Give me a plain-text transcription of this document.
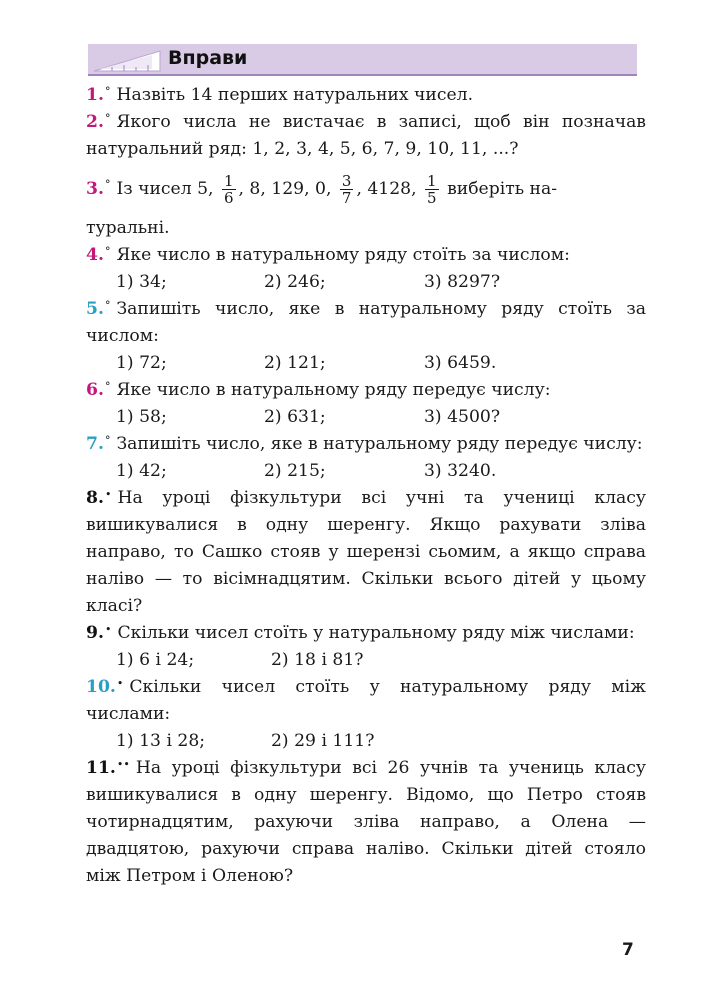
Вправи

1.° Назвіть 14 перших натуральних чисел.

2.° Якого числа не вистачає в записі, щоб він позначав натуральний ряд: 1, 2, 3, 4, 5, 6, 7, 9, 10, 11, ...?

3.° Із чисел 5, $\frac{1}{6}$ , 8, 129, 0, $\frac{3}{7}$ , 4128, $\frac{1}{5}$ виберіть на-

туральні.

4.° Яке число в натуральному ряду стоїть за числом:

1) 34;	2) 246;	3) 8297?

5.° Запишіть число, яке в натуральному ряду стоїть за числом:

1) 72;	2) 121;	3) 6459.

6.° Яке число в натуральному ряду передує числу:

1) 58;	2) 631;	3) 4500?

7.° Запишіть число, яке в натуральному ряду передує числу:

1) 42;	2) 215;	3) 3240.

8.• На уроці фізкультури всі учні та учениці класу вишикувалися в одну шеренгу. Якщо рахувати зліва направо, то Сашко стояв у шерензі сьомим, а якщо справа наліво — то вісімнадцятим. Скільки всього дітей у цьому класі?

9.• Скільки чисел стоїть у натуральному ряду між числами:

1) 6 і 24;	2) 18 і 81?

10.• Скільки чисел стоїть у натуральному ряду між числами:

1) 13 і 28;	2) 29 і 111?

11.•• На уроці фізкультури всі 26 учнів та учениць класу вишикувалися в одну шеренгу. Відомо, що Петро стояв чотирнадцятим, рахуючи зліва направо, а Олена — двадцятою, рахуючи справа наліво. Скільки дітей стояло між Петром і Оленою?

7
